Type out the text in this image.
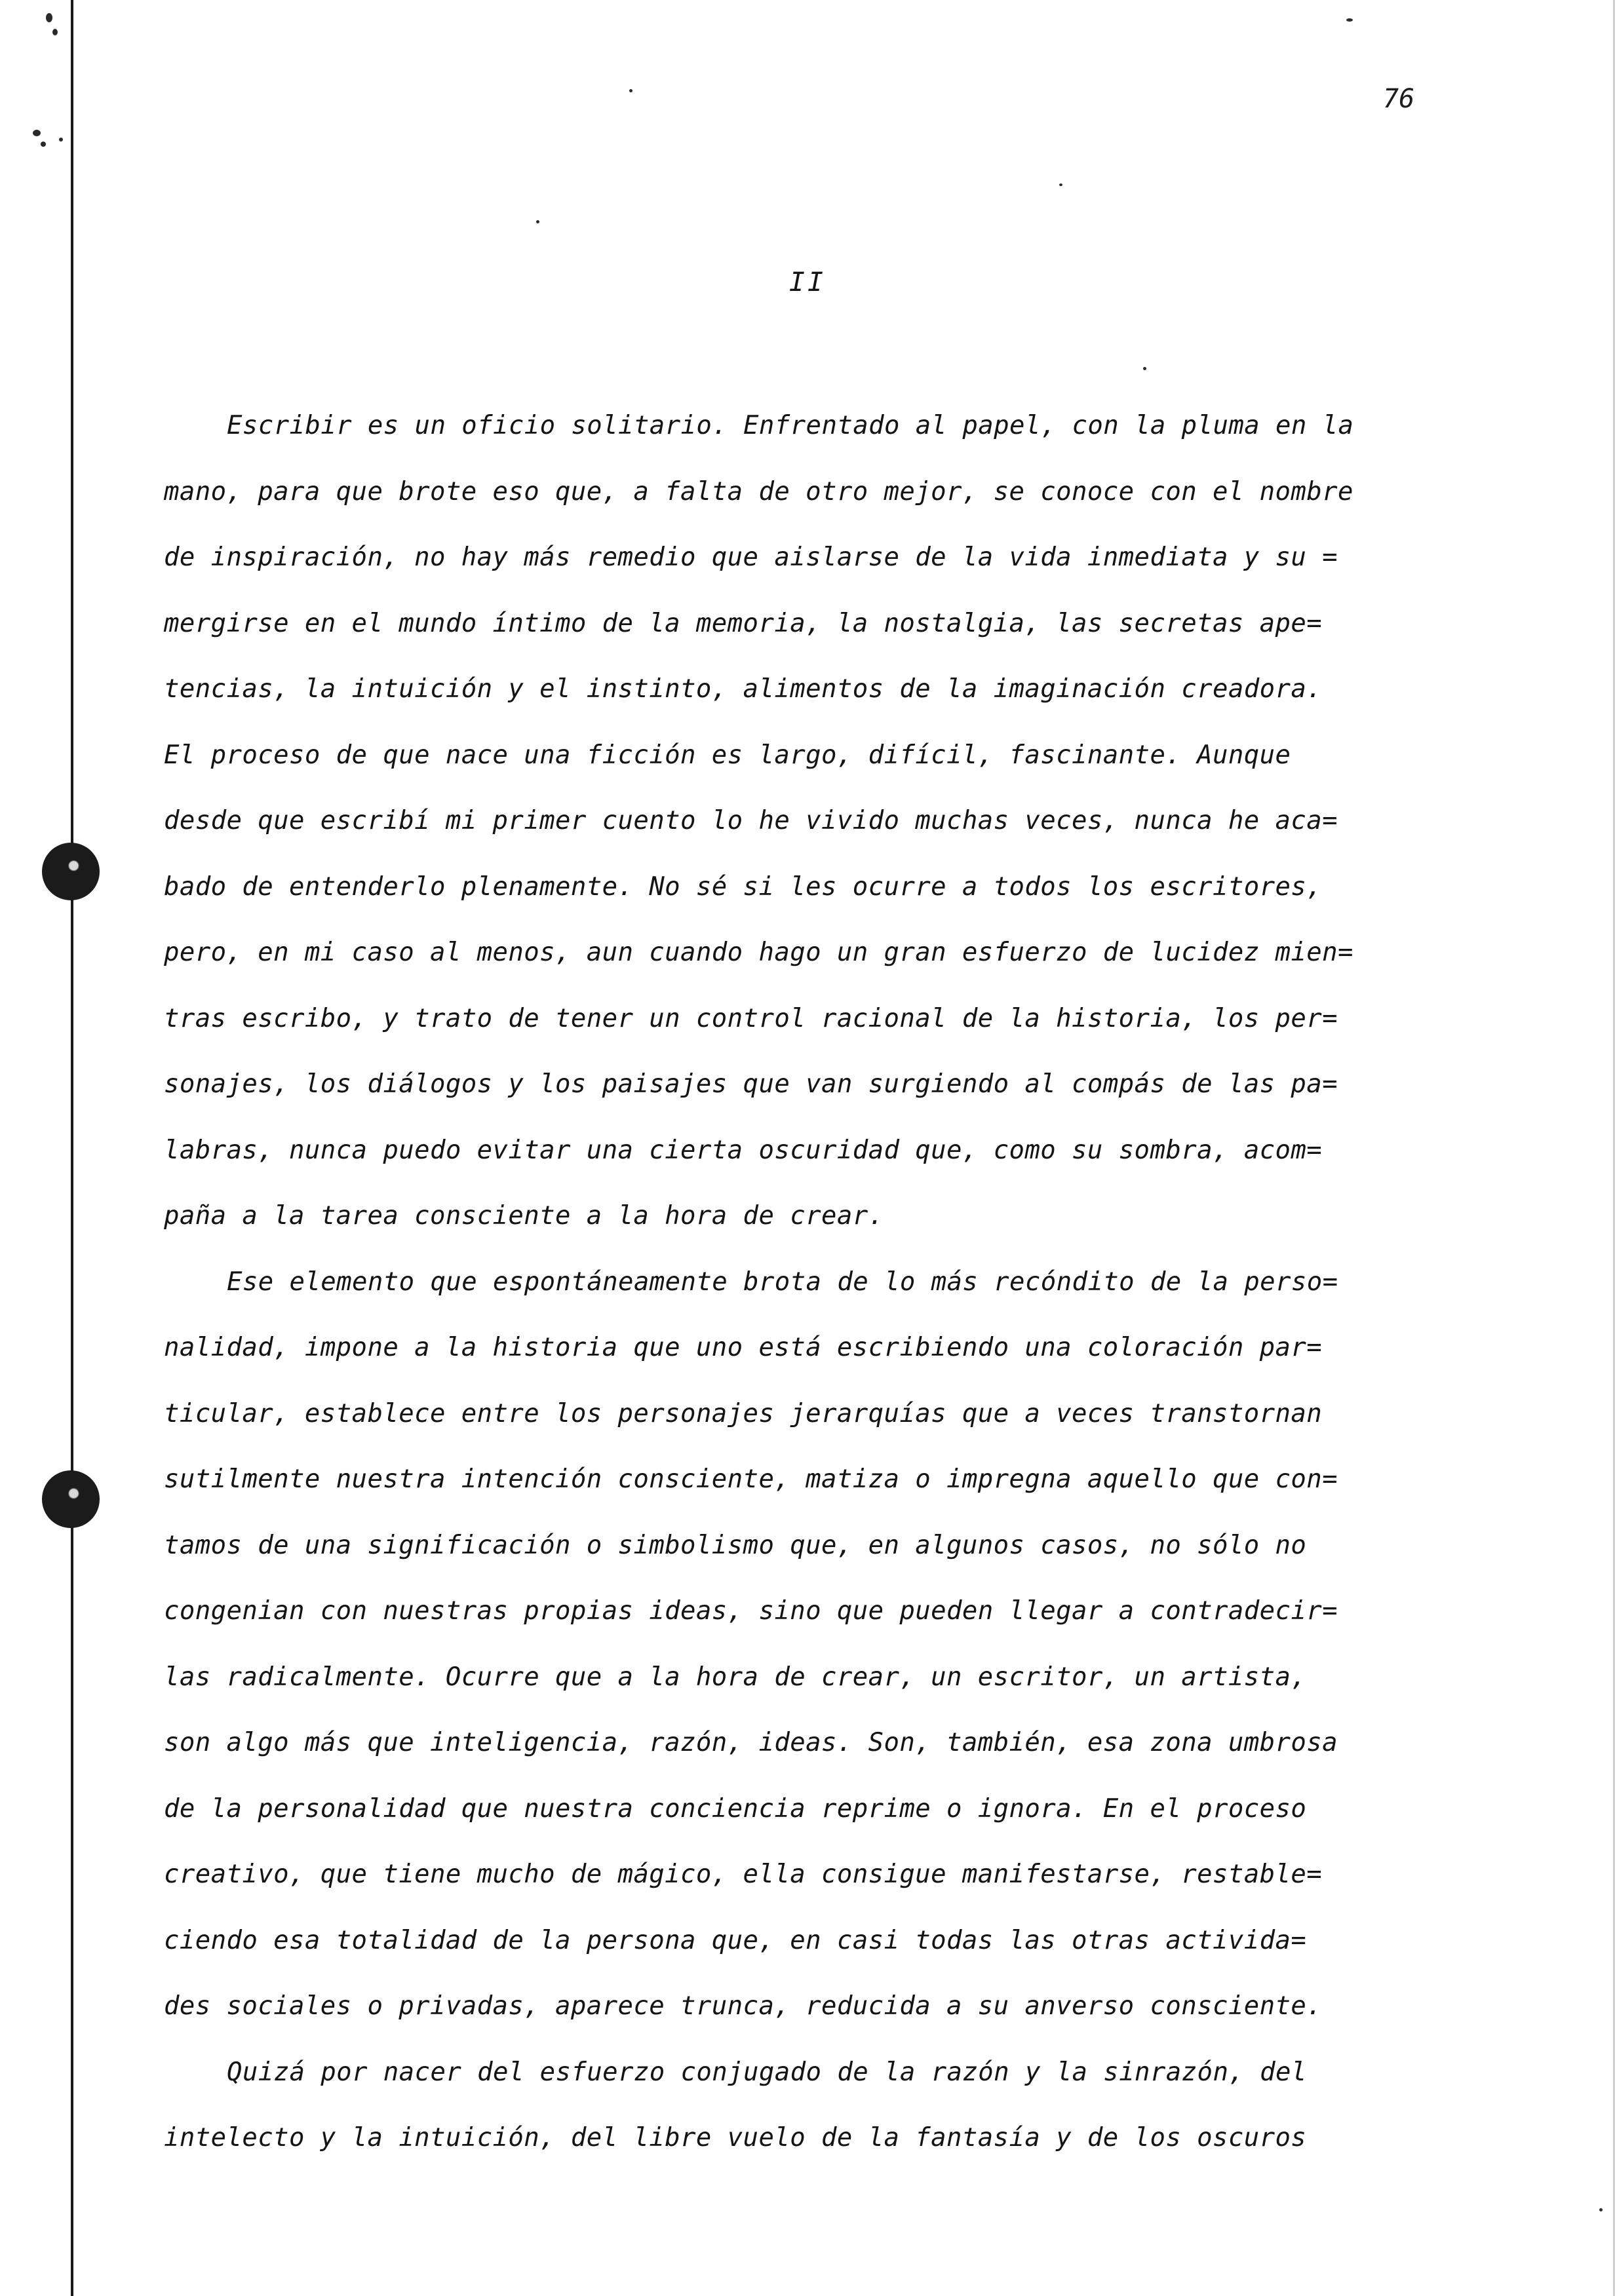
76
II
Escribir es un oficio solitario. Enfrentado al papel, con la pluma en la
mano, para que brote eso que, a falta de otro mejor, se conoce con el nombre
de inspiración, no hay más remedio que aislarse de la vida inmediata y su =
mergirse en el mundo íntimo de la memoria, la nostalgia, las secretas ape=
tencias, la intuición y el instinto, alimentos de la imaginación creadora.
El proceso de que nace una ficción es largo, difícil, fascinante. Aunque
desde que escribí mi primer cuento lo he vivido muchas veces, nunca he aca=
bado de entenderlo plenamente. No sé si les ocurre a todos los escritores,
pero, en mi caso al menos, aun cuando hago un gran esfuerzo de lucidez mien=
tras escribo, y trato de tener un control racional de la historia, los per=
sonajes, los diálogos y los paisajes que van surgiendo al compás de las pa=
labras, nunca puedo evitar una cierta oscuridad que, como su sombra, acom=
paña a la tarea consciente a la hora de crear.
Ese elemento que espontáneamente brota de lo más recóndito de la perso=
nalidad, impone a la historia que uno está escribiendo una coloración par=
ticular, establece entre los personajes jerarquías que a veces transtornan
sutilmente nuestra intención consciente, matiza o impregna aquello que con=
tamos de una significación o simbolismo que, en algunos casos, no sólo no
congenian con nuestras propias ideas, sino que pueden llegar a contradecir=
las radicalmente. Ocurre que a la hora de crear, un escritor, un artista,
son algo más que inteligencia, razón, ideas. Son, también, esa zona umbrosa
de la personalidad que nuestra conciencia reprime o ignora. En el proceso
creativo, que tiene mucho de mágico, ella consigue manifestarse, restable=
ciendo esa totalidad de la persona que, en casi todas las otras activida=
des sociales o privadas, aparece trunca, reducida a su anverso consciente.
Quizá por nacer del esfuerzo conjugado de la razón y la sinrazón, del
intelecto y la intuición, del libre vuelo de la fantasía y de los oscuros
